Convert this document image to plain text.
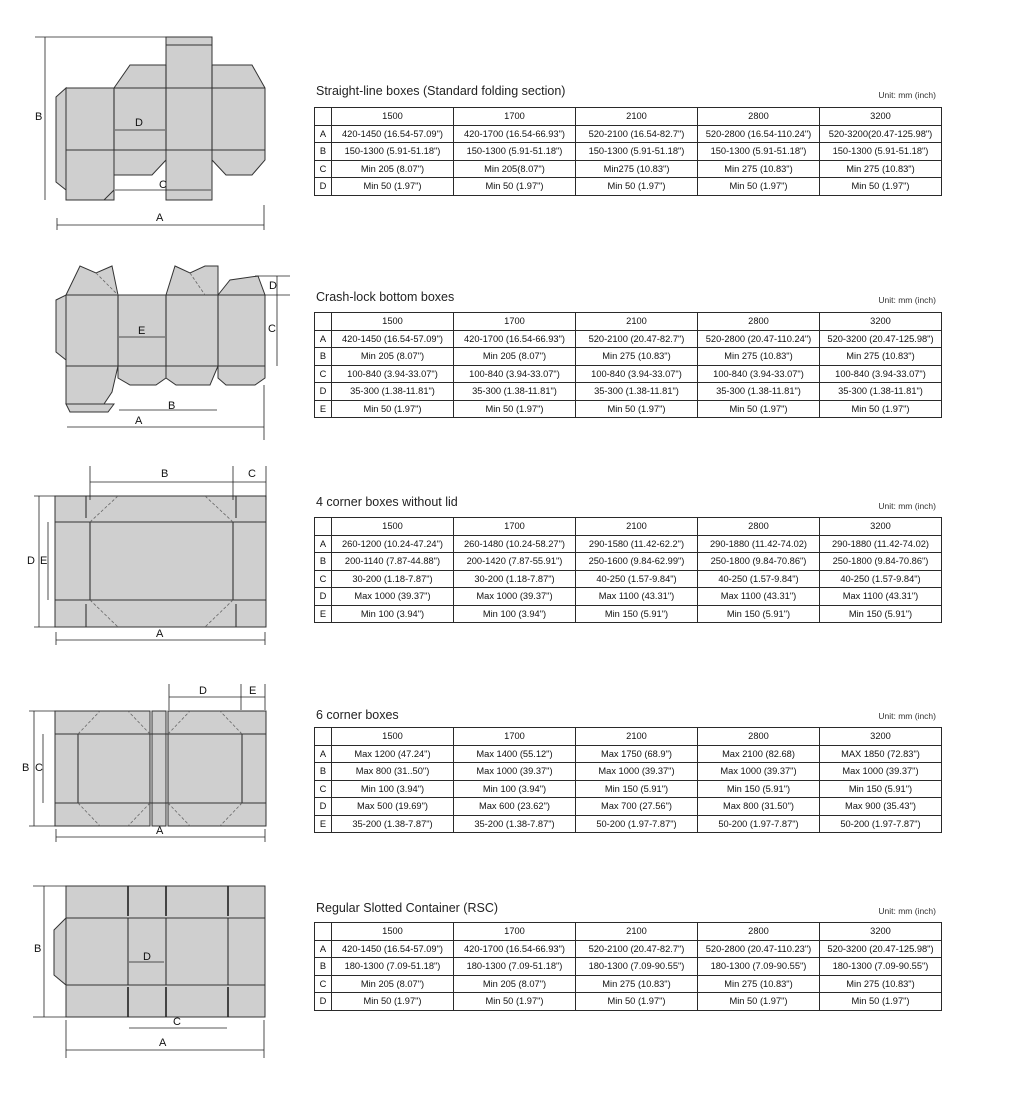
B	D
C
A
Straight-line boxes (Standard folding section)	Unit: mm (inch)
	1500	1700	2100	2800	3200
A	420-1450 (16.54-57.09")	420-1700 (16.54-66.93")	520-2100 (16.54-82.7")	520-2800 (16.54-110.24")	520-3200(20.47-125.98")
B	150-1300 (5.91-51.18")	150-1300 (5.91-51.18")	150-1300 (5.91-51.18")	150-1300 (5.91-51.18")	150-1300 (5.91-51.18")
C	Min 205 (8.07")	Min 205(8.07")	Min275 (10.83")	Min 275 (10.83")	Min 275 (10.83")
D	Min 50 (1.97")	Min 50 (1.97")	Min 50 (1.97")	Min 50 (1.97")	Min 50 (1.97")
D
C
E
B
A
Crash-lock bottom boxes	Unit: mm (inch)
	1500	1700	2100	2800	3200
A	420-1450 (16.54-57.09")	420-1700 (16.54-66.93")	520-2100 (20.47-82.7")	520-2800 (20.47-110.24")	520-3200 (20.47-125.98")
B	Min 205 (8.07")	Min 205 (8.07")	Min 275 (10.83")	Min 275 (10.83")	Min 275 (10.83")
C	100-840 (3.94-33.07")	100-840 (3.94-33.07")	100-840 (3.94-33.07")	100-840 (3.94-33.07")	100-840 (3.94-33.07")
D	35-300 (1.38-11.81")	35-300 (1.38-11.81")	35-300 (1.38-11.81")	35-300 (1.38-11.81")	35-300 (1.38-11.81")
E	Min 50 (1.97")	Min 50 (1.97")	Min 50 (1.97")	Min 50 (1.97")	Min 50 (1.97")
B	C
D E
A
4 corner boxes without lid	Unit: mm (inch)
	1500	1700	2100	2800	3200
A	260-1200 (10.24-47.24")	260-1480 (10.24-58.27")	290-1580 (11.42-62.2")	290-1880 (11.42-74.02)	290-1880 (11.42-74.02)
B	200-1140 (7.87-44.88")	200-1420 (7.87-55.91")	250-1600 (9.84-62.99")	250-1800 (9.84-70.86")	250-1800 (9.84-70.86")
C	30-200 (1.18-7.87")	30-200 (1.18-7.87")	40-250 (1.57-9.84")	40-250 (1.57-9.84")	40-250 (1.57-9.84")
D	Max 1000 (39.37")	Max 1000 (39.37")	Max 1100 (43.31")	Max 1100 (43.31")	Max 1100 (43.31")
E	Min 100 (3.94")	Min 100 (3.94")	Min 150 (5.91")	Min 150 (5.91")	Min 150 (5.91")
D	E
B C
A
6 corner boxes	Unit: mm (inch)
	1500	1700	2100	2800	3200
A	Max 1200 (47.24")	Max 1400 (55.12")	Max 1750 (68.9")	Max 2100 (82.68)	MAX 1850 (72.83")
B	Max 800 (31..50")	Max 1000 (39.37")	Max 1000 (39.37")	Max 1000 (39.37")	Max 1000 (39.37")
C	Min 100 (3.94")	Min 100 (3.94")	Min 150 (5.91")	Min 150 (5.91")	Min 150 (5.91")
D	Max 500 (19.69")	Max 600 (23.62")	Max 700 (27.56")	Max 800 (31.50")	Max 900 (35.43")
E	35-200 (1.38-7.87")	35-200 (1.38-7.87")	50-200 (1.97-7.87")	50-200 (1.97-7.87")	50-200 (1.97-7.87")
B
D
C
A
Regular Slotted Container (RSC)	Unit: mm (inch)
	1500	1700	2100	2800	3200
A	420-1450 (16.54-57.09")	420-1700 (16.54-66.93")	520-2100 (20.47-82.7")	520-2800 (20.47-110.23")	520-3200 (20.47-125.98")
B	180-1300 (7.09-51.18")	180-1300 (7.09-51.18")	180-1300 (7.09-90.55")	180-1300 (7.09-90.55")	180-1300 (7.09-90.55")
C	Min 205 (8.07")	Min 205 (8.07")	Min 275 (10.83")	Min 275 (10.83")	Min 275 (10.83")
D	Min 50 (1.97")	Min 50 (1.97")	Min 50 (1.97")	Min 50 (1.97")	Min 50 (1.97")
